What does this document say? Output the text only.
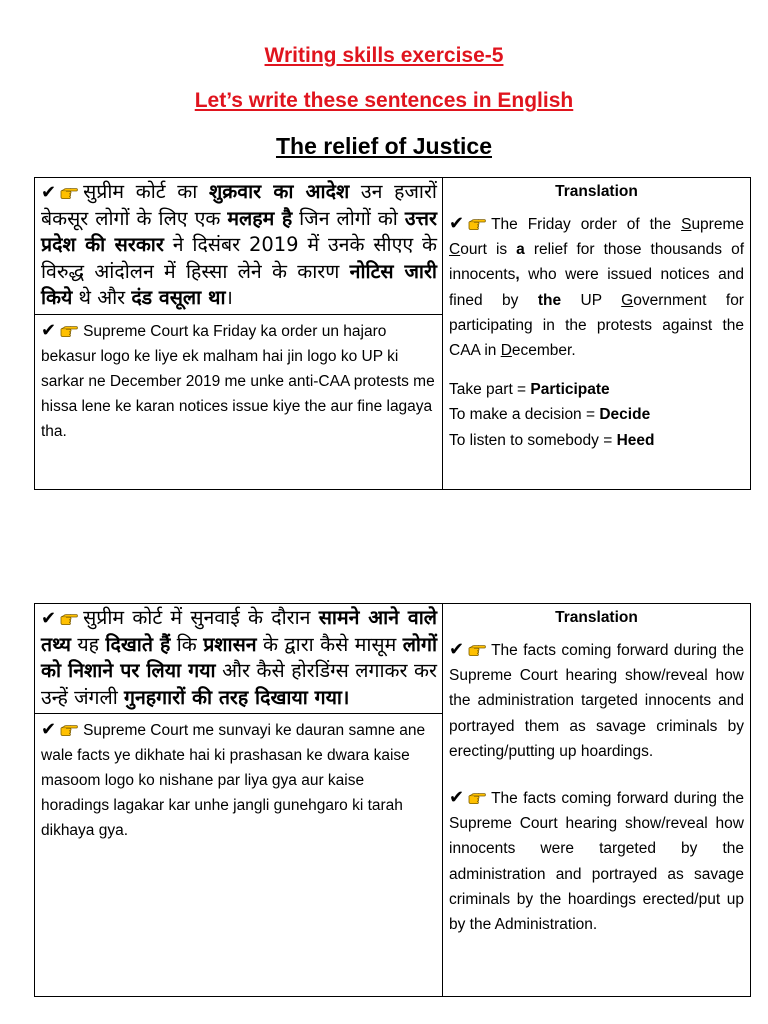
Writing skills exercise-5
Let’s write these sentences in English
The relief of Justice
✔ सुप्रीम कोर्ट का शुक्रवार का आदेश उन हजारों बेकसूर लोगों के लिए एक मलहम है जिन लोगों को उत्तर प्रदेश की सरकार ने दिसंबर 2019 में उनके सीएए के विरुद्ध आंदोलन में हिस्सा लेने के कारण नोटिस जारी किये थे और दंड वसूला था।
✔ Supreme Court ka Friday ka order un hajaro bekasur logo ke liye ek malham hai jin logo ko UP ki sarkar ne December 2019 me unke anti-CAA protests me hissa lene ke karan notices issue kiye the aur fine lagaya tha.
Translation
✔ The Friday order of the Supreme Court is a relief for those thousands of innocents, who were issued notices and fined by the UP Government for participating in the protests against the CAA in December.
Take part = Participate
To make a decision = Decide
To listen to somebody = Heed
✔ सुप्रीम कोर्ट में सुनवाई के दौरान सामने आने वाले तथ्य यह दिखाते हैं कि प्रशासन के द्वारा कैसे मासूम लोगों को निशाने पर लिया गया और कैसे होरडिंग्स लगाकर कर उन्हें जंगली गुनहगारों की तरह दिखाया गया।
✔ Supreme Court me sunvayi ke dauran samne ane wale facts ye dikhate hai ki prashasan ke dwara kaise masoom logo ko nishane par liya gya aur kaise horadings lagakar kar unhe jangli gunehgaro ki tarah dikhaya gya.
Translation
✔ The facts coming forward during the Supreme Court hearing show/reveal how the administration targeted innocents and portrayed them as savage criminals by erecting/putting up hoardings.
✔ The facts coming forward during the Supreme Court hearing show/reveal how innocents were targeted by the administration and portrayed as savage criminals by the hoardings erected/put up by the Administration.
